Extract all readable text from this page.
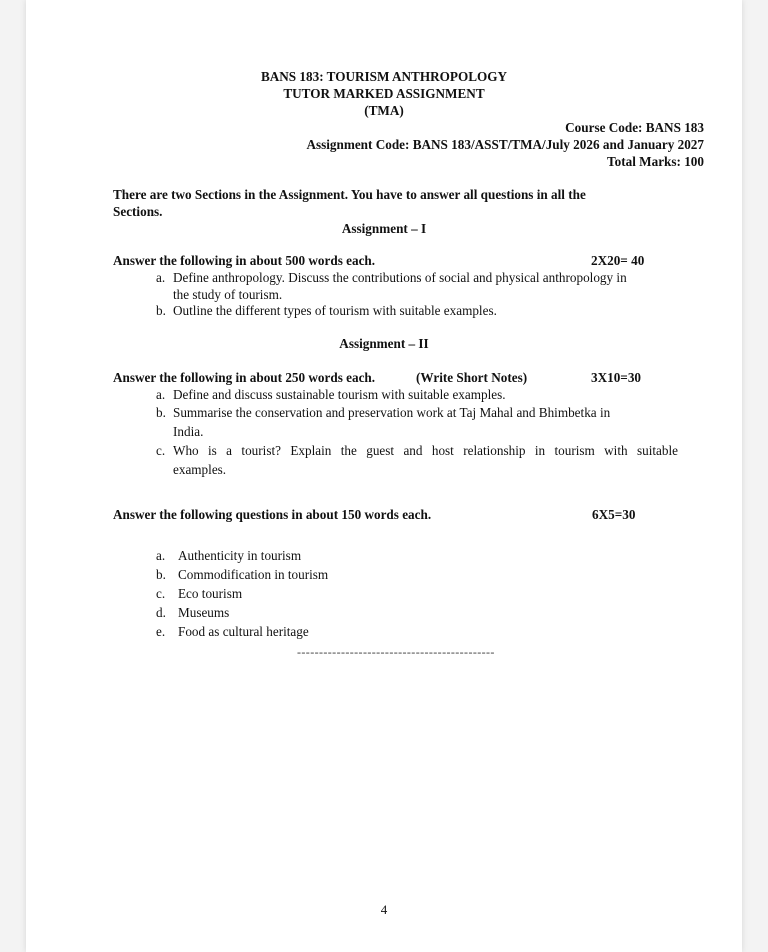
BANS 183: TOURISM ANTHROPOLOGY
TUTOR MARKED ASSIGNMENT
(TMA)
Course Code: BANS 183
Assignment Code: BANS 183/ASST/TMA/July 2026 and January 2027
Total Marks: 100
There are two Sections in the Assignment. You have to answer all questions in all the
Sections.
Assignment – I
Answer the following in about 500 words each.	2X20= 40
a. Define anthropology. Discuss the contributions of social and physical anthropology in
the study of tourism.
b. Outline the different types of tourism with suitable examples.
Assignment – II
Answer the following in about 250 words each.	(Write Short Notes)	3X10=30
a. Define and discuss sustainable tourism with suitable examples.
b. Summarise the conservation and preservation work at Taj Mahal and Bhimbetka in
India.
c. Who is a tourist? Explain the guest and host relationship in tourism with suitable
examples.
Answer the following questions in about 150 words each.	6X5=30
a. Authenticity in tourism
b. Commodification in tourism
c. Eco tourism
d. Museums
e. Food as cultural heritage
---------------------------------------------
4
